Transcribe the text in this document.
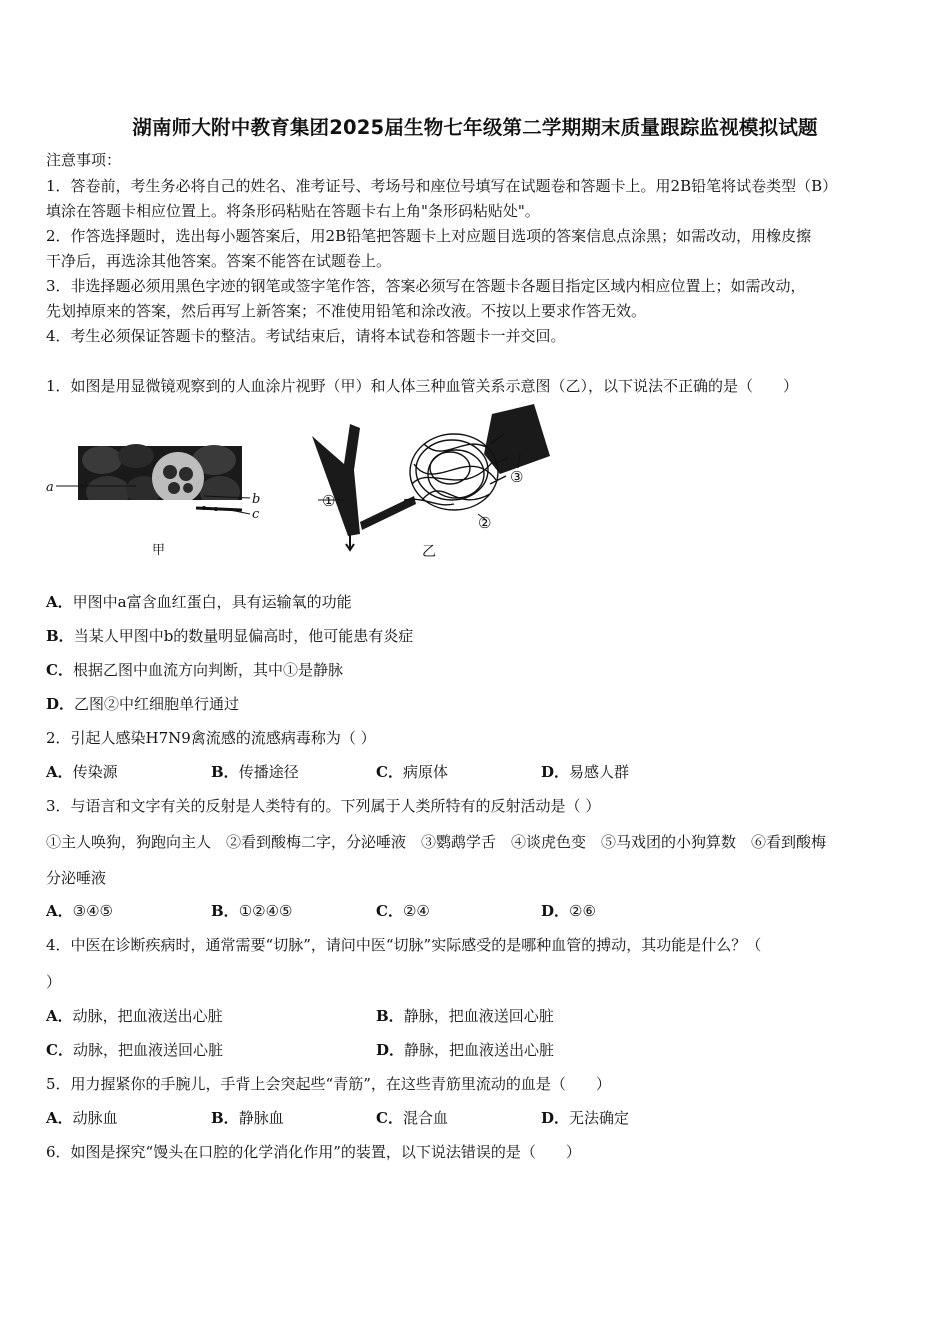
湖南师大附中教育集团2025届生物七年级第二学期期末质量跟踪监视模拟试题
注意事项：
1．答卷前，考生务必将自己的姓名、准考证号、考场号和座位号填写在试题卷和答题卡上。用2B铅笔将试卷类型（B）
填涂在答题卡相应位置上。将条形码粘贴在答题卡右上角"条形码粘贴处"。
2．作答选择题时，选出每小题答案后，用2B铅笔把答题卡上对应题目选项的答案信息点涂黑；如需改动，用橡皮擦
干净后，再选涂其他答案。答案不能答在试题卷上。
3．非选择题必须用黑色字迹的钢笔或签字笔作答，答案必须写在答题卡各题目指定区域内相应位置上；如需改动，
先划掉原来的答案，然后再写上新答案；不准使用铅笔和涂改液。不按以上要求作答无效。
4．考生必须保证答题卡的整洁。考试结束后，请将本试卷和答题卡一并交回。
1．如图是用显微镜观察到的人血涂片视野（甲）和人体三种血管关系示意图（乙），以下说法不正确的是（　　）
a
b
c
甲
①
②
③
乙
A．甲图中a富含血红蛋白，具有运输氧的功能
B．当某人甲图中b的数量明显偏高时，他可能患有炎症
C．根据乙图中血流方向判断，其中①是静脉
D．乙图②中红细胞单行通过
2．引起人感染H7N9禽流感的流感病毒称为（ ）
A．传染源	B．传播途径	C．病原体	D．易感人群
3．与语言和文字有关的反射是人类特有的。下列属于人类所特有的反射活动是（ ）
①主人唤狗，狗跑向主人　②看到酸梅二字，分泌唾液　③鹦鹉学舌　④谈虎色变　⑤马戏团的小狗算数　⑥看到酸梅
分泌唾液
A．③④⑤	B．①②④⑤	C．②④	D．②⑥
4．中医在诊断疾病时，通常需要“切脉”，请问中医“切脉”实际感受的是哪种血管的搏动，其功能是什么？（
）
A．动脉，把血液送出心脏	B．静脉，把血液送回心脏
C．动脉，把血液送回心脏	D．静脉，把血液送出心脏
5．用力握紧你的手腕儿，手背上会突起些“青筋”，在这些青筋里流动的血是（　　）
A．动脉血	B．静脉血	C．混合血	D．无法确定
6．如图是探究“馒头在口腔的化学消化作用”的装置，以下说法错误的是（　　）
